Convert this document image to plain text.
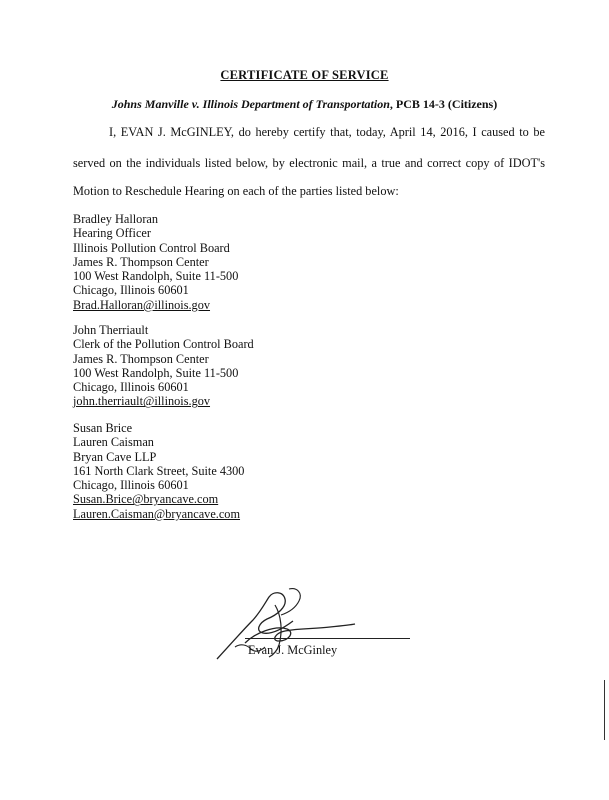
CERTIFICATE OF SERVICE
Johns Manville v. Illinois Department of Transportation, PCB 14-3 (Citizens)
I, EVAN J. McGINLEY, do hereby certify that, today, April 14, 2016, I caused to be
served on the individuals listed below, by electronic mail, a true and correct copy of IDOT's
Motion to Reschedule Hearing on each of the parties listed below:
Bradley Halloran
Hearing Officer
Illinois Pollution Control Board
James R. Thompson Center
100 West Randolph, Suite 11-500
Chicago, Illinois 60601
Brad.Halloran@illinois.gov
John Therriault
Clerk of the Pollution Control Board
James R. Thompson Center
100 West Randolph, Suite 11-500
Chicago, Illinois 60601
john.therriault@illinois.gov
Susan Brice
Lauren Caisman
Bryan Cave LLP
161 North Clark Street, Suite 4300
Chicago, Illinois 60601
Susan.Brice@bryancave.com
Lauren.Caisman@bryancave.com
Evan J. McGinley
